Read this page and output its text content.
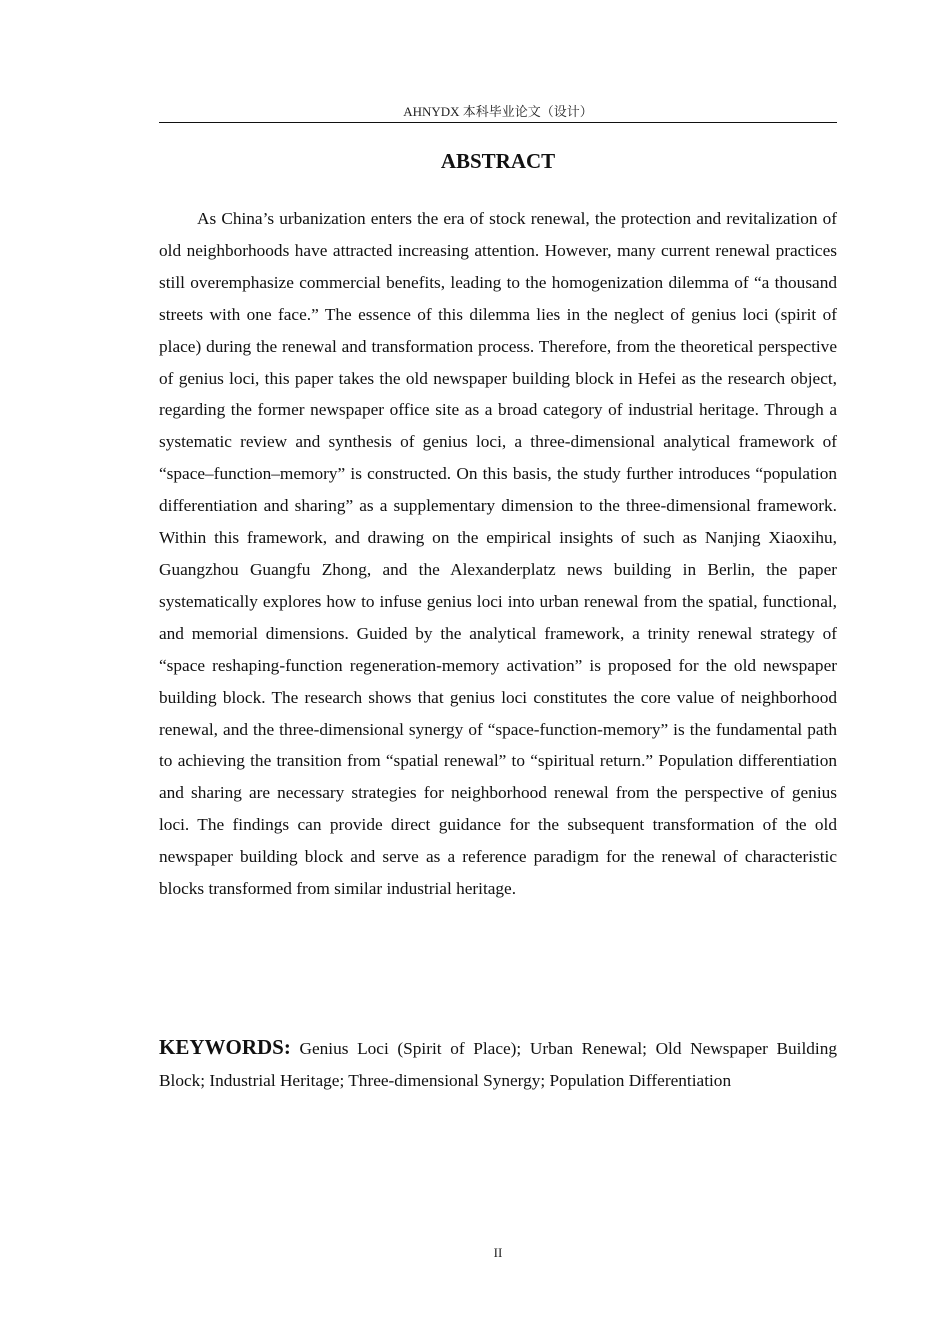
AHNYDX 本科毕业论文（设计）
ABSTRACT

As China’s urbanization enters the era of stock renewal, the protection and revitalization of old neighborhoods have attracted increasing attention. However, many current renewal practices still overemphasize commercial benefits, leading to the homogenization dilemma of “a thousand streets with one face.” The essence of this dilemma lies in the neglect of genius loci (spirit of place) during the renewal and transformation process. Therefore, from the theoretical perspective of genius loci, this paper takes the old newspaper building block in Hefei as the research object, regarding the former newspaper office site as a broad category of industrial heritage. Through a systematic review and synthesis of genius loci, a three-dimensional analytical framework of “space–function–memory” is constructed. On this basis, the study further introduces “population differentiation and sharing” as a supplementary dimension to the three-dimensional framework. Within this framework, and drawing on the empirical insights of such as Nanjing Xiaoxihu, Guangzhou Guangfu Zhong, and the Alexanderplatz news building in Berlin, the paper systematically explores how to infuse genius loci into urban renewal from the spatial, functional, and memorial dimensions. Guided by the analytical framework, a trinity renewal strategy of “space reshaping-function regeneration-memory activation” is proposed for the old newspaper building block. The research shows that genius loci constitutes the core value of neighborhood renewal, and the three-dimensional synergy of “space-function-memory” is the fundamental path to achieving the transition from “spatial renewal” to “spiritual return.” Population differentiation and sharing are necessary strategies for neighborhood renewal from the perspective of genius loci. The findings can provide direct guidance for the subsequent transformation of the old newspaper building block and serve as a reference paradigm for the renewal of characteristic blocks transformed from similar industrial heritage.

KEYWORDS: Genius Loci (Spirit of Place); Urban Renewal; Old Newspaper Building Block; Industrial Heritage; Three-dimensional Synergy; Population Differentiation

II
